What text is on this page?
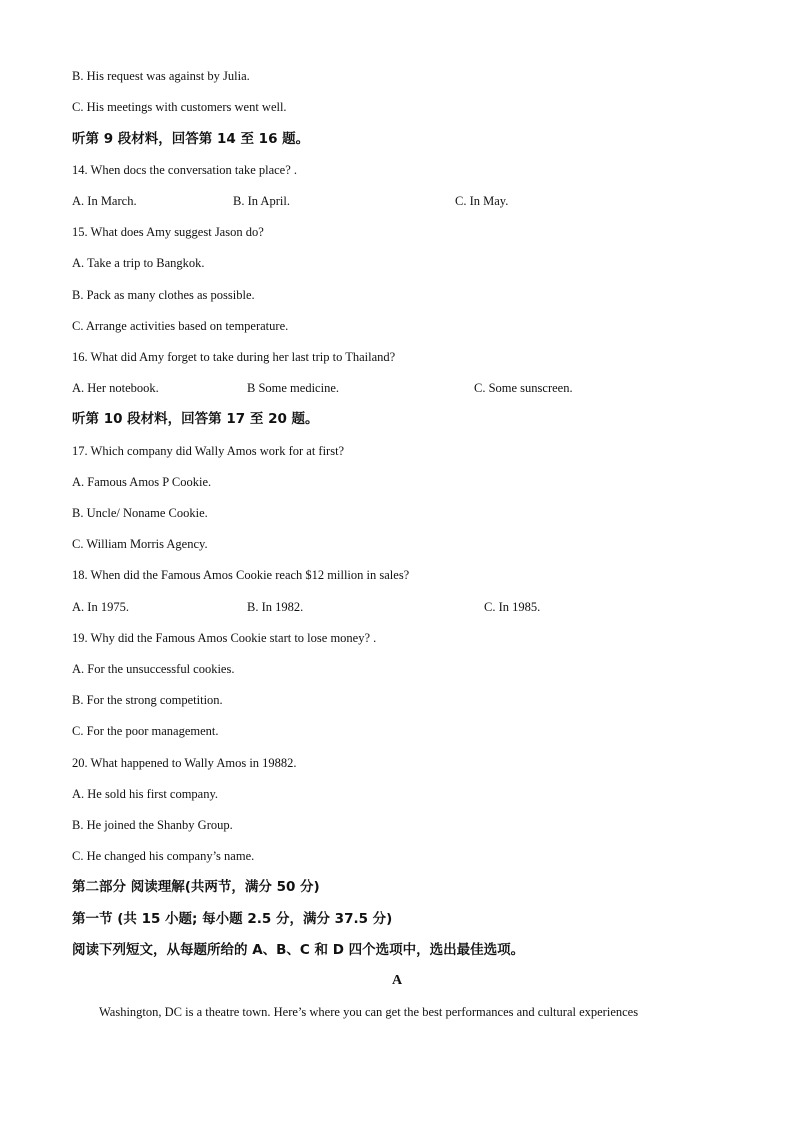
B. His request was against by Julia.
C. His meetings with customers went well.
听第 9 段材料，回答第 14 至 16 题。
14. When docs the conversation take place? .
A. In March.	B. In April.	C. In May.
15. What does Amy suggest Jason do?
A. Take a trip to Bangkok.
B. Pack as many clothes as possible.
C. Arrange activities based on temperature.
16. What did Amy forget to take during her last trip to Thailand?
A. Her notebook.	B Some medicine.	C. Some sunscreen.
听第 10 段材料，回答第 17 至 20 题。
17. Which company did Wally Amos work for at first?
A. Famous Amos P Cookie.
B. Uncle/ Noname Cookie.
C. William Morris Agency.
18. When did the Famous Amos Cookie reach $12 million in sales?
A. In 1975.	B. In 1982.	C. In 1985.
19. Why did the Famous Amos Cookie start to lose money? .
A. For the unsuccessful cookies.
B. For the strong competition.
C. For the poor management.
20. What happened to Wally Amos in 19882.
A. He sold his first company.
B. He joined the Shanby Group.
C. He changed his company’s name.
第二部分 阅读理解(共两节，满分 50 分)
第一节 (共 15 小题; 每小题 2.5 分，满分 37.5 分)
阅读下列短文，从每题所给的 A、B、C 和 D 四个选项中，选出最佳选项。
A
Washington, DC is a theatre town. Here’s where you can get the best performances and cultural experiences
